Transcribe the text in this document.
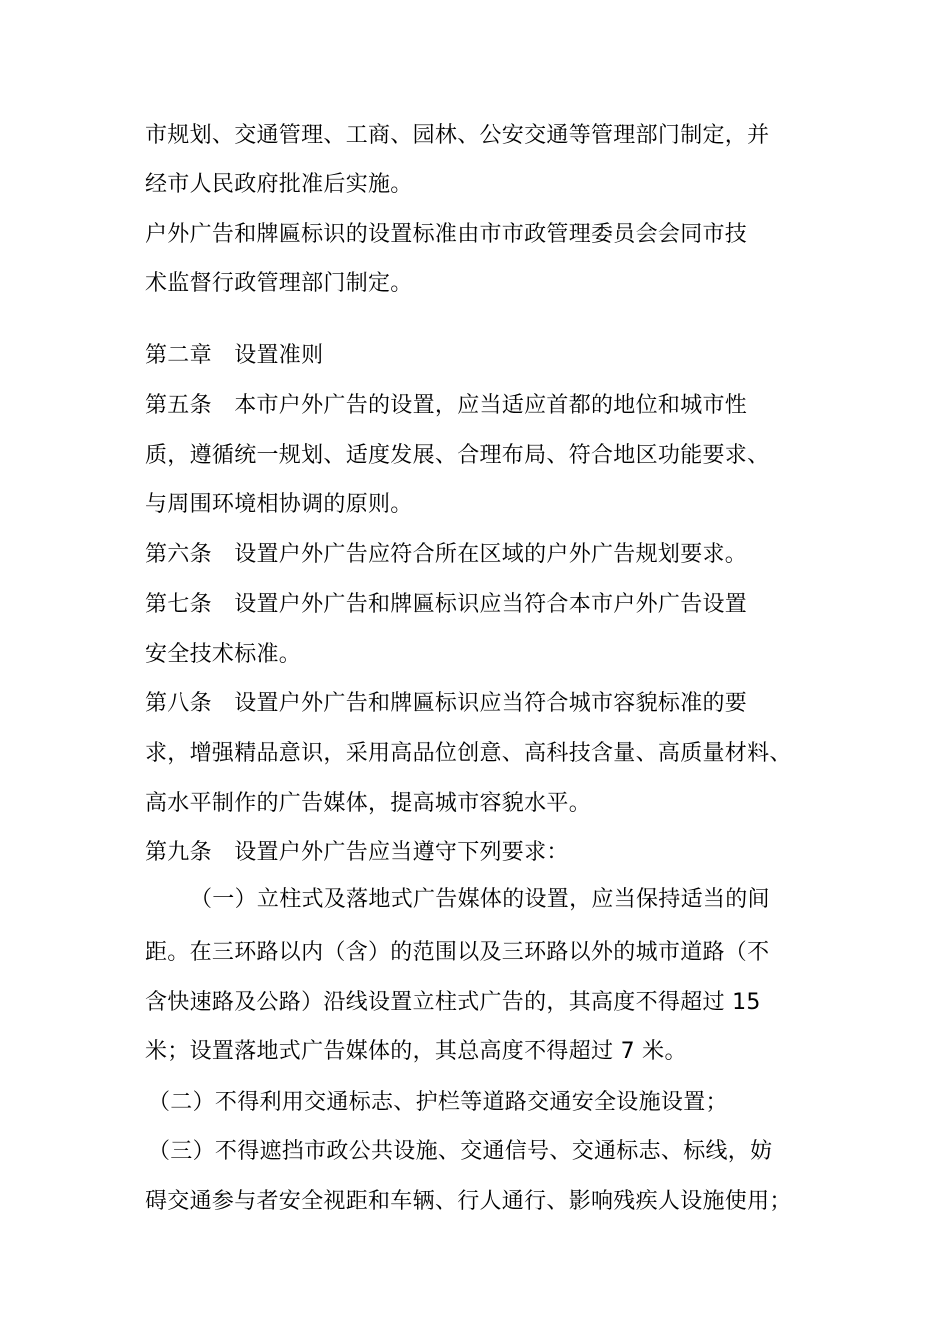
市规划、交通管理、工商、园林、公安交通等管理部门制定，并
经市人民政府批准后实施。
户外广告和牌匾标识的设置标准由市市政管理委员会会同市技
术监督行政管理部门制定。
第二章　设置准则
第五条　本市户外广告的设置，应当适应首都的地位和城市性
质，遵循统一规划、适度发展、合理布局、符合地区功能要求、
与周围环境相协调的原则。
第六条　设置户外广告应符合所在区域的户外广告规划要求。
第七条　设置户外广告和牌匾标识应当符合本市户外广告设置
安全技术标准。
第八条　设置户外广告和牌匾标识应当符合城市容貌标准的要
求，增强精品意识，采用高品位创意、高科技含量、高质量材料、
高水平制作的广告媒体，提高城市容貌水平。
第九条　设置户外广告应当遵守下列要求：
（一）立柱式及落地式广告媒体的设置，应当保持适当的间
距。在三环路以内（含）的范围以及三环路以外的城市道路（不
含快速路及公路）沿线设置立柱式广告的，其高度不得超过 15
米；设置落地式广告媒体的，其总高度不得超过 7 米。
（二）不得利用交通标志、护栏等道路交通安全设施设置；
（三）不得遮挡市政公共设施、交通信号、交通标志、标线，妨
碍交通参与者安全视距和车辆、行人通行、影响残疾人设施使用；
